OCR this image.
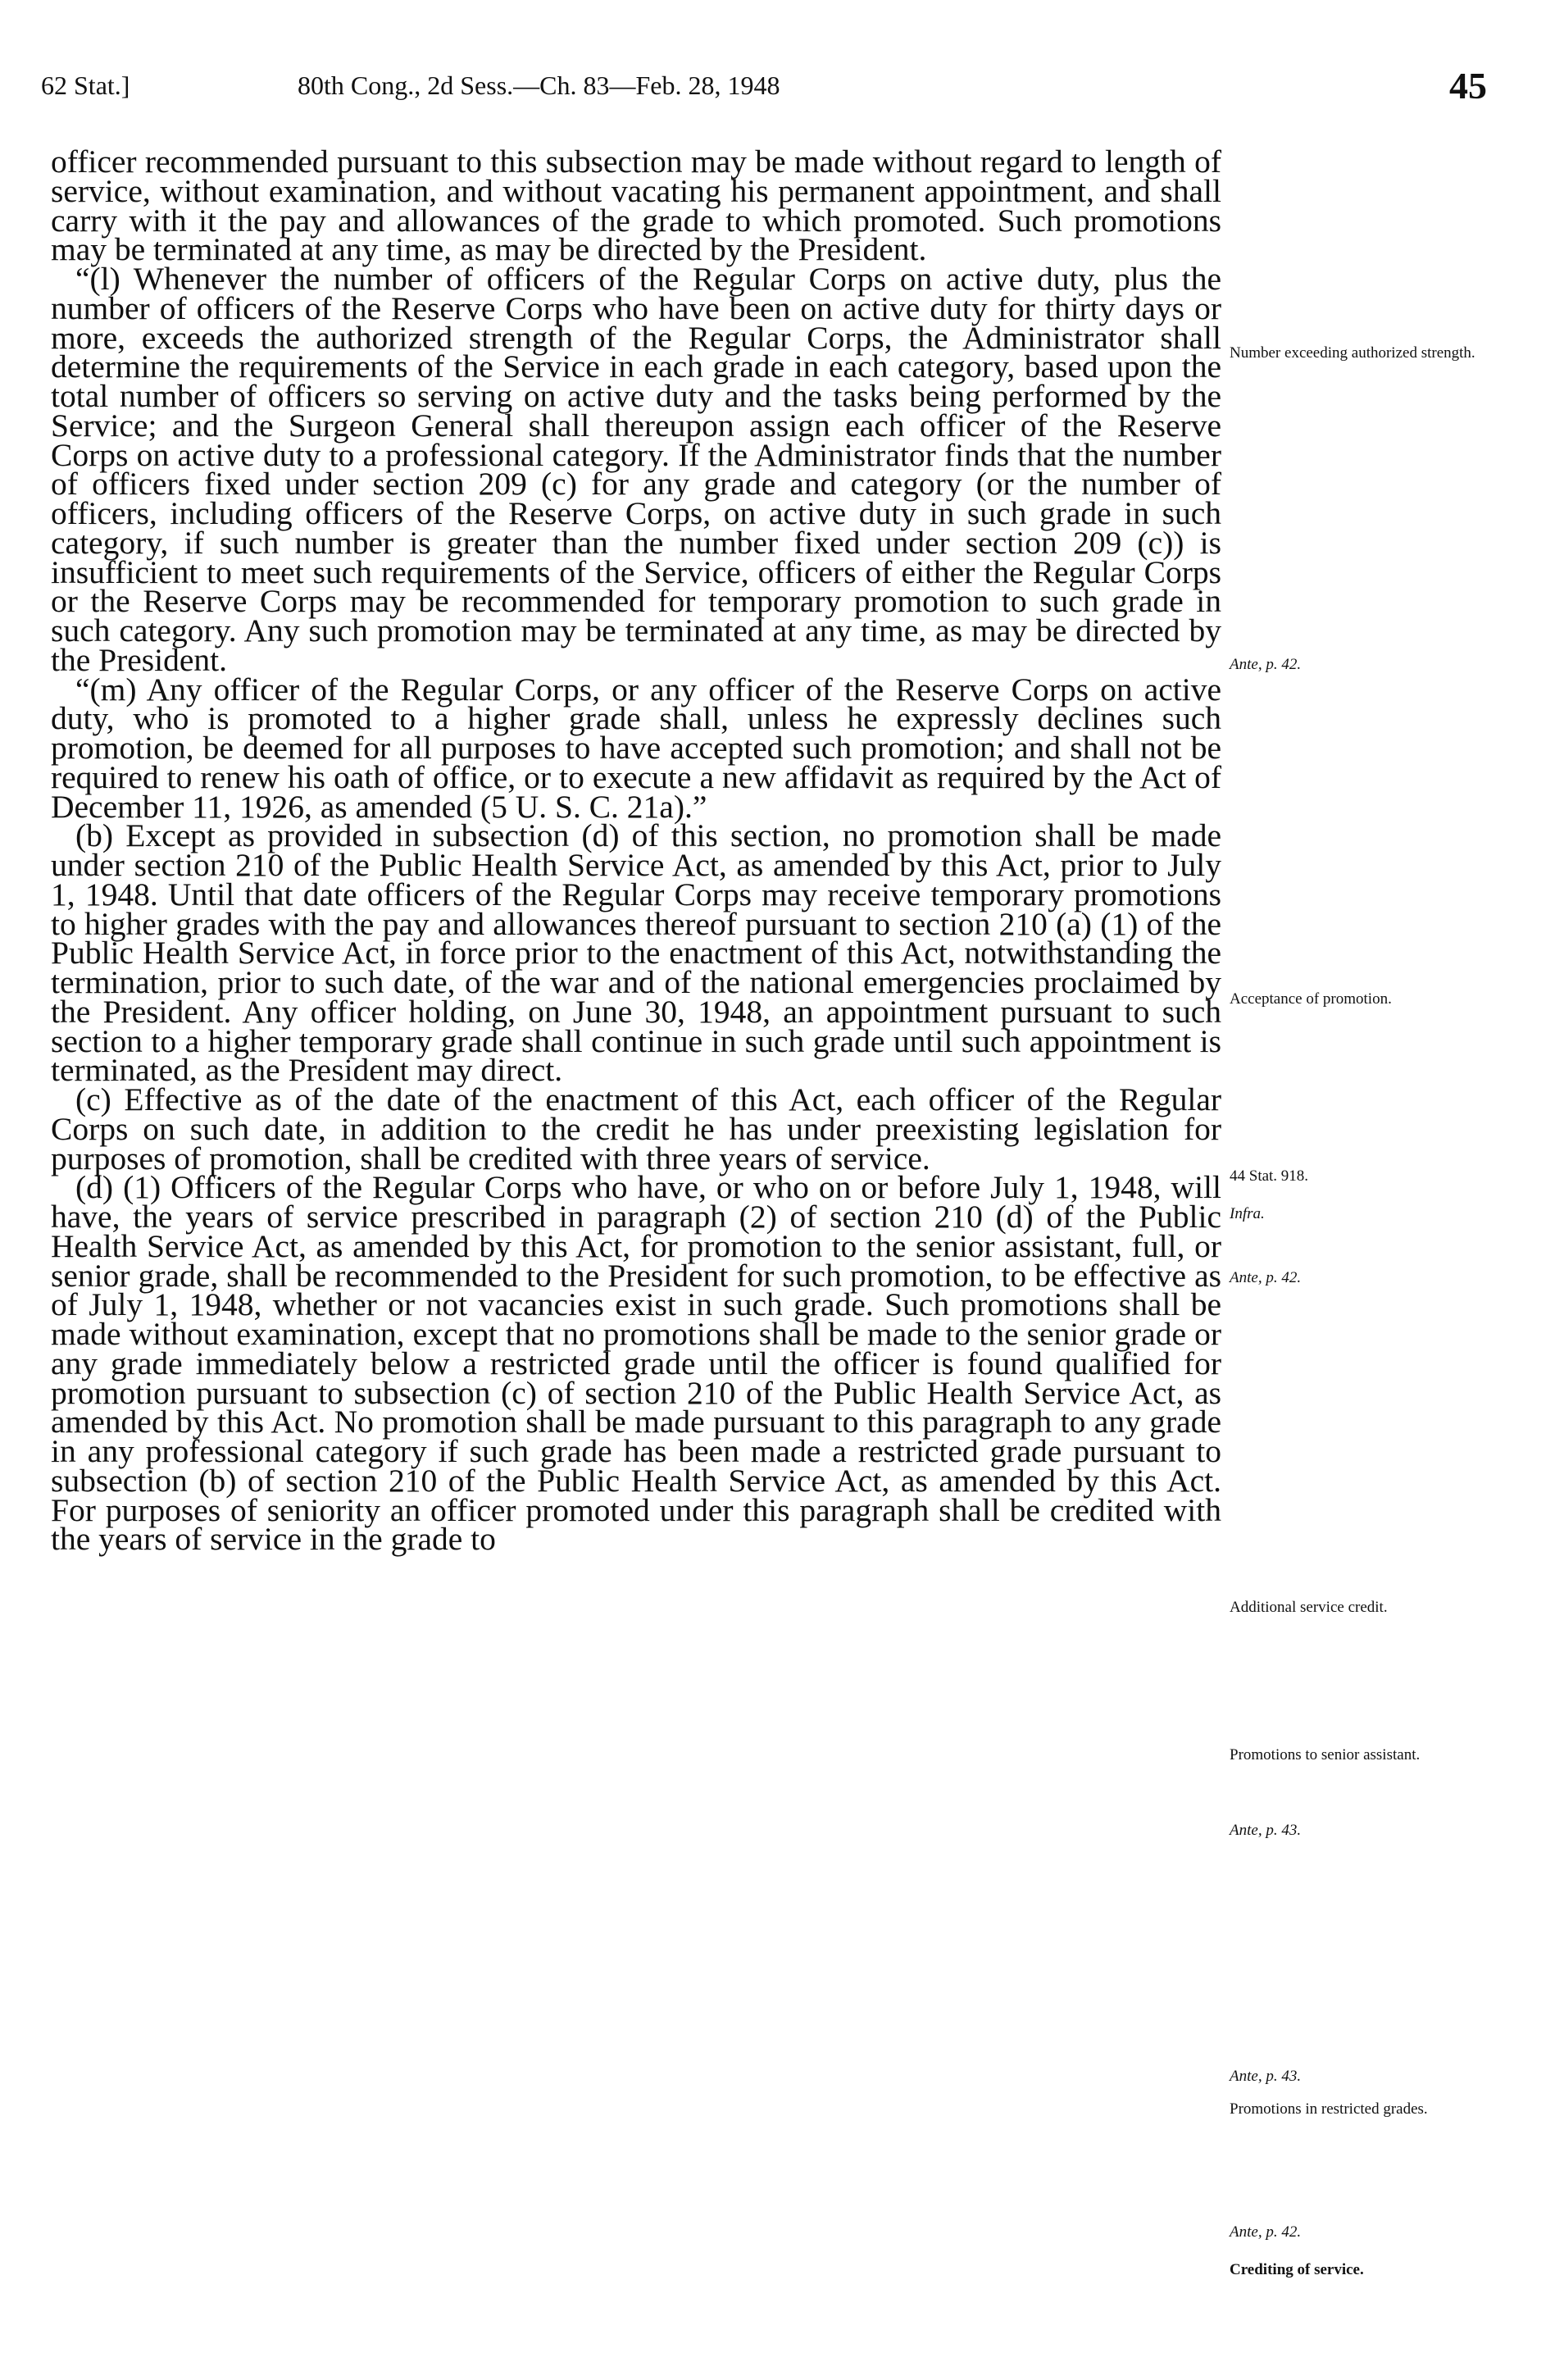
62 Stat.]	80th Cong., 2d Sess.—Ch. 83—Feb. 28, 1948	45

officer recommended pursuant to this subsection may be made without regard to length of service, without examination, and without vacating his permanent appointment, and shall carry with it the pay and allowances of the grade to which promoted. Such promotions may be terminated at any time, as may be directed by the President.

“(l) Whenever the number of officers of the Regular Corps on active duty, plus the number of officers of the Reserve Corps who have been on active duty for thirty days or more, exceeds the authorized strength of the Regular Corps, the Administrator shall determine the requirements of the Service in each grade in each category, based upon the total number of officers so serving on active duty and the tasks being performed by the Service; and the Surgeon General shall thereupon assign each officer of the Reserve Corps on active duty to a professional category. If the Administrator finds that the number of officers fixed under section 209 (c) for any grade and category (or the number of officers, including officers of the Reserve Corps, on active duty in such grade in such category, if such number is greater than the number fixed under section 209 (c)) is insufficient to meet such requirements of the Service, officers of either the Regular Corps or the Reserve Corps may be recommended for temporary promotion to such grade in such category. Any such promotion may be terminated at any time, as may be directed by the President.

“(m) Any officer of the Regular Corps, or any officer of the Reserve Corps on active duty, who is promoted to a higher grade shall, unless he expressly declines such promotion, be deemed for all purposes to have accepted such promotion; and shall not be required to renew his oath of office, or to execute a new affidavit as required by the Act of December 11, 1926, as amended (5 U. S. C. 21a).”

(b) Except as provided in subsection (d) of this section, no promotion shall be made under section 210 of the Public Health Service Act, as amended by this Act, prior to July 1, 1948. Until that date officers of the Regular Corps may receive temporary promotions to higher grades with the pay and allowances thereof pursuant to section 210 (a) (1) of the Public Health Service Act, in force prior to the enactment of this Act, notwithstanding the termination, prior to such date, of the war and of the national emergencies proclaimed by the President. Any officer holding, on June 30, 1948, an appointment pursuant to such section to a higher temporary grade shall continue in such grade until such appointment is terminated, as the President may direct.

(c) Effective as of the date of the enactment of this Act, each officer of the Regular Corps on such date, in addition to the credit he has under preexisting legislation for purposes of promotion, shall be credited with three years of service.

(d) (1) Officers of the Regular Corps who have, or who on or before July 1, 1948, will have, the years of service prescribed in paragraph (2) of section 210 (d) of the Public Health Service Act, as amended by this Act, for promotion to the senior assistant, full, or senior grade, shall be recommended to the President for such promotion, to be effective as of July 1, 1948, whether or not vacancies exist in such grade. Such promotions shall be made without examination, except that no promotions shall be made to the senior grade or any grade immediately below a restricted grade until the officer is found qualified for promotion pursuant to subsection (c) of section 210 of the Public Health Service Act, as amended by this Act. No promotion shall be made pursuant to this paragraph to any grade in any professional category if such grade has been made a restricted grade pursuant to subsection (b) of section 210 of the Public Health Service Act, as amended by this Act. For purposes of seniority an officer promoted under this paragraph shall be credited with the years of service in the grade to

Number exceeding authorized strength.
Ante, p. 42.
Acceptance of promotion.
44 Stat. 918.
Infra.
Ante, p. 42.
Additional service credit.
Promotions to senior assistant.
Ante, p. 43.
Ante, p. 43.
Promotions in restricted grades.
Ante, p. 42.
Crediting of service.
